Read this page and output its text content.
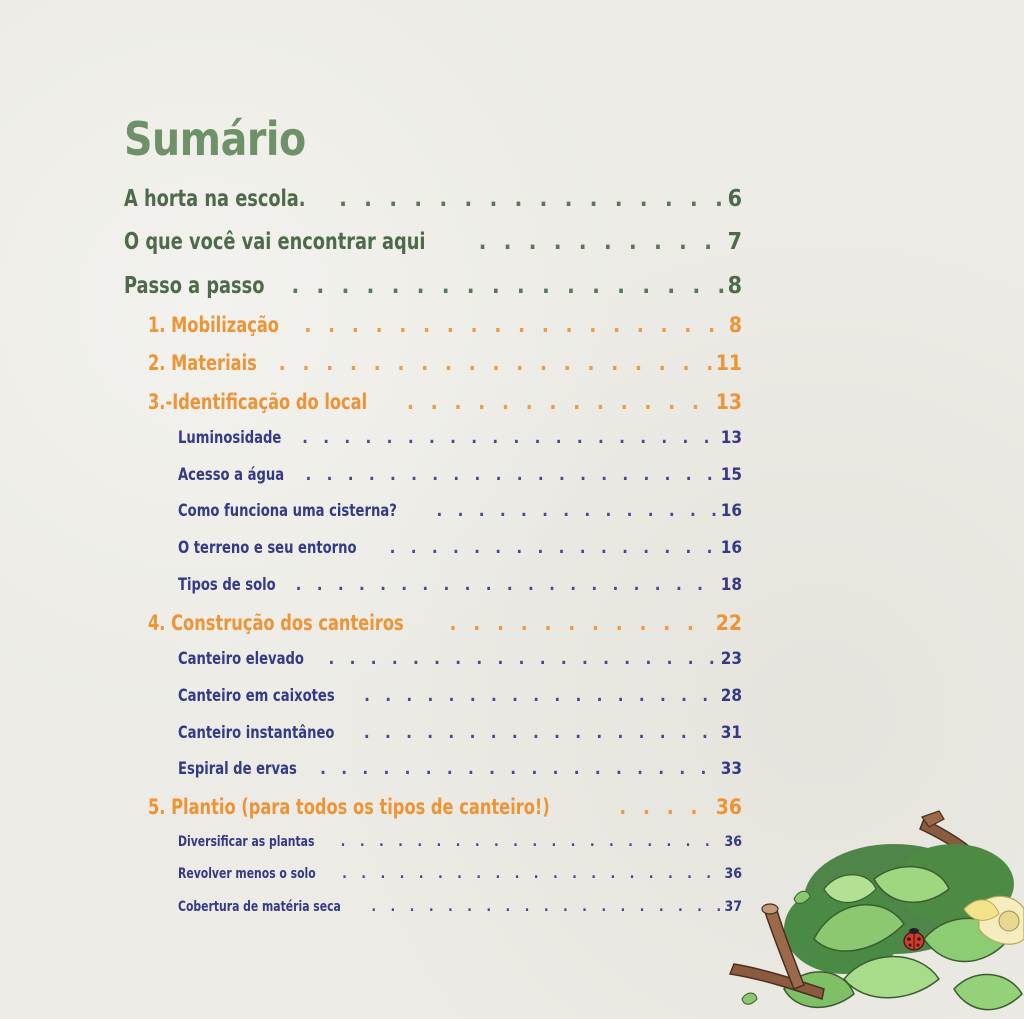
Sumário
A horta na escola. . . .	6
O que você vai encontrar aqui . . .	7
Passo a passo . . .	8
1. Mobilização . . .	8
2. Materiais . . .	11
3.-Identificação do local . . .	13
Luminosidade . . .	13
Acesso a água . . .	15
Como funciona uma cisterna? . . .	16
O terreno e seu entorno . . .	16
Tipos de solo . . .	18
4. Construção dos canteiros . . .	22
Canteiro elevado . . .	23
Canteiro em caixotes . . .	28
Canteiro instantâneo . . .	31
Espiral de ervas . . .	33
5. Plantio (para todos os tipos de canteiro!) . . .	36
Diversificar as plantas . . .	36
Revolver menos o solo . . .	36
Cobertura de matéria seca . . .	37
